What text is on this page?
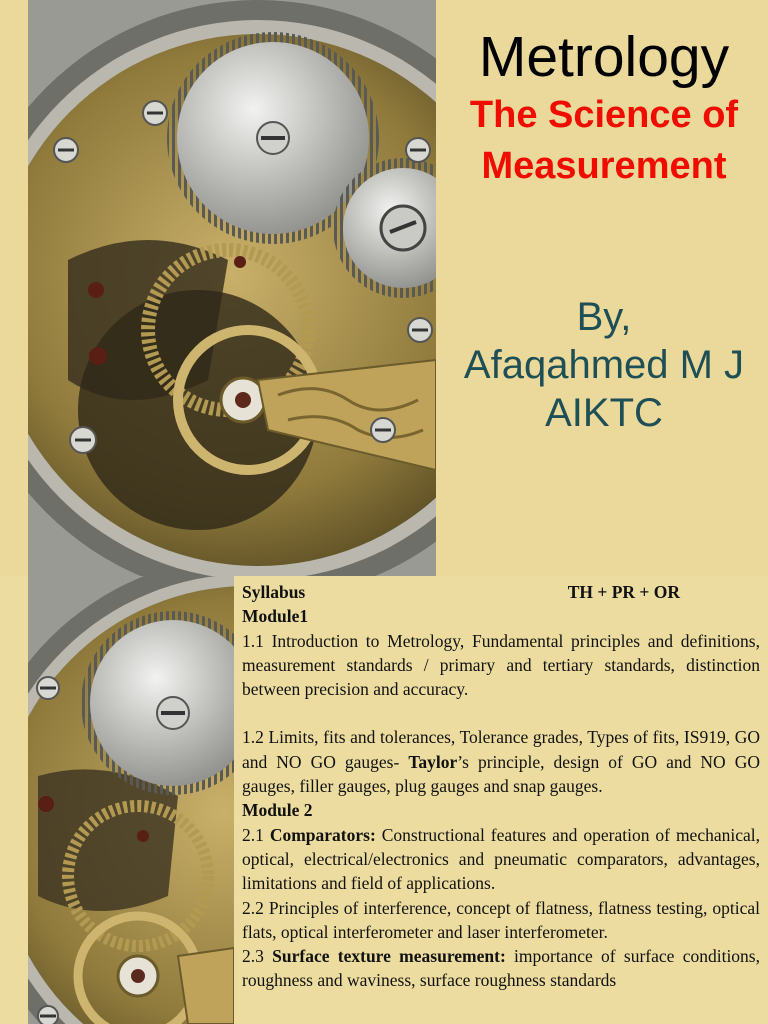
Metrology
The Science of
Measurement
By,
Afaqahmed M J
AIKTC
Syllabus	TH + PR + OR
Module1

1.1 Introduction to Metrology, Fundamental principles and definitions, measurement standards / primary and tertiary standards, distinction between precision and accuracy.

1.2 Limits, fits and tolerances, Tolerance grades, Types of fits, IS919, GO and NO GO gauges- Taylor’s principle, design of GO and NO GO gauges, filler gauges, plug gauges and snap gauges.

Module 2

2.1 Comparators: Constructional features and operation of mechanical, optical, electrical/electronics and pneumatic comparators, advantages, limitations and field of applications.

2.2 Principles of interference, concept of flatness, flatness testing, optical flats, optical interferometer and laser interferometer.

2.3 Surface texture measurement: importance of surface conditions, roughness and waviness, surface roughness standards
